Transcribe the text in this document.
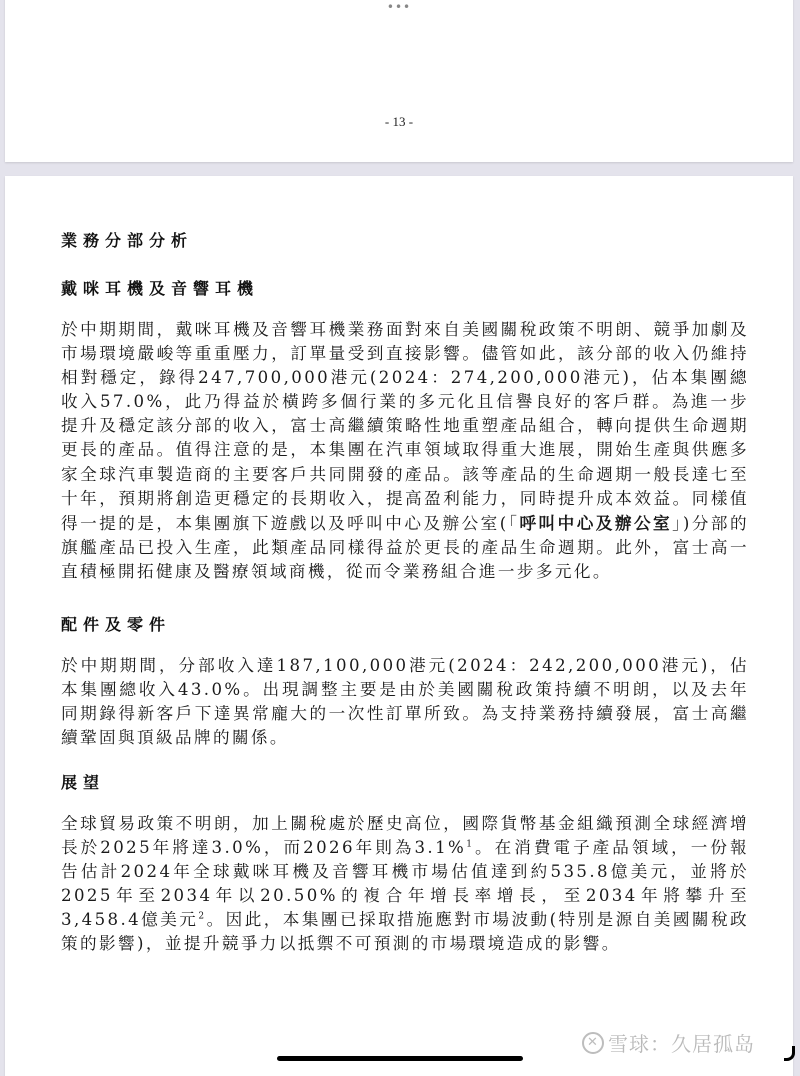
•••
- 13 -
業務分部分析
戴咪耳機及音響耳機
於中期期間，戴咪耳機及音響耳機業務面對來自美國關稅政策不明朗、競爭加劇及市場環境嚴峻等重重壓力，訂單量受到直接影響。儘管如此，該分部的收入仍維持相對穩定，錄得247,700,000港元(2024：274,200,000港元)，佔本集團總收入57.0%，此乃得益於橫跨多個行業的多元化且信譽良好的客戶群。為進一步提升及穩定該分部的收入，富士高繼續策略性地重塑產品組合，轉向提供生命週期更長的產品。值得注意的是，本集團在汽車領域取得重大進展，開始生產與供應多家全球汽車製造商的主要客戶共同開發的產品。該等產品的生命週期一般長達七至十年，預期將創造更穩定的長期收入，提高盈利能力，同時提升成本效益。同樣值得一提的是，本集團旗下遊戲以及呼叫中心及辦公室(「呼叫中心及辦公室」)分部的旗艦產品已投入生產，此類產品同樣得益於更長的產品生命週期。此外，富士高一直積極開拓健康及醫療領域商機，從而令業務組合進一步多元化。
配件及零件
於中期期間，分部收入達187,100,000港元(2024：242,200,000港元)，佔本集團總收入43.0%。出現調整主要是由於美國關稅政策持續不明朗，以及去年同期錄得新客戶下達異常龐大的一次性訂單所致。為支持業務持續發展，富士高繼續鞏固與頂級品牌的關係。
展望
全球貿易政策不明朗，加上關稅處於歷史高位，國際貨幣基金組織預測全球經濟增長於2025年將達3.0%，而2026年則為3.1%$^1$。在消費電子產品領域，一份報告估計2024年全球戴咪耳機及音響耳機市場估值達到約535.8億美元，並將於2025年至2034年以20.50%的複合年增長率增長，至2034年將攀升至3,458.4億美元$^2$。因此，本集團已採取措施應對市場波動(特別是源自美國關稅政策的影響)，並提升競爭力以抵禦不可預測的市場環境造成的影響。
✕ 雪球：久居孤岛
